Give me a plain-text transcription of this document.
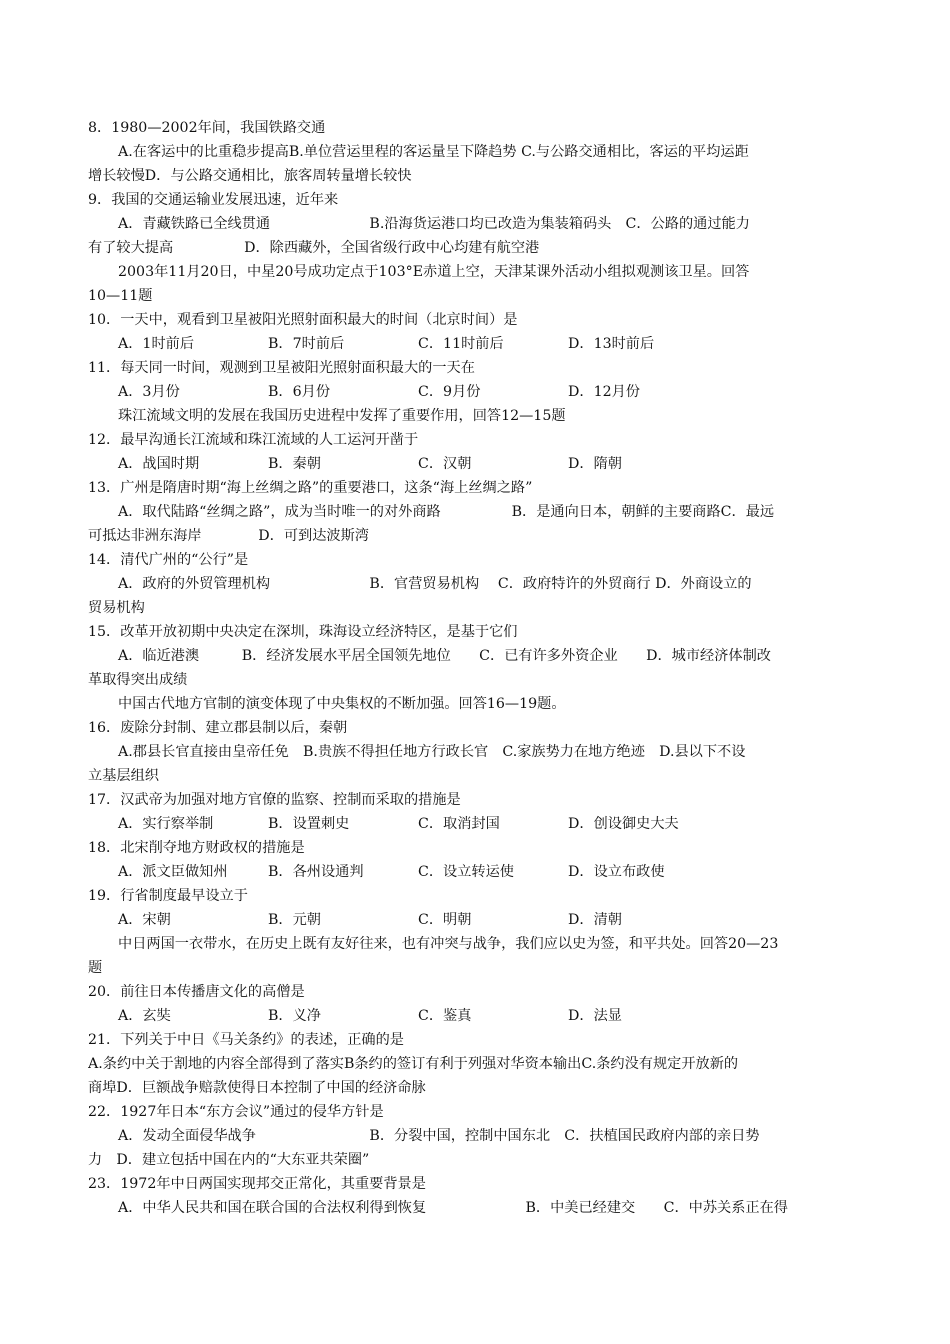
8．1980—2002年间，我国铁路交通
A.在客运中的比重稳步提高B.单位营运里程的客运量呈下降趋势 C.与公路交通相比，客运的平均运距
增长较慢D．与公路交通相比，旅客周转量增长较快
9．我国的交通运输业发展迅速，近年来
A．青藏铁路已全线贯通　　　　　　　B.沿海货运港口均已改造为集装箱码头　C．公路的通过能力
有了较大提高　　　　　D．除西藏外，全国省级行政中心均建有航空港
2003年11月20日，中星20号成功定点于103°E赤道上空，天津某课外活动小组拟观测该卫星。回答
10—11题
10．一天中，观看到卫星被阳光照射面积最大的时间（北京时间）是
A．1时前后	B．7时前后	C．11时前后	D．13时前后
11．每天同一时间，观测到卫星被阳光照射面积最大的一天在
A．3月份	B．6月份	C．9月份	D．12月份
珠江流域文明的发展在我国历史进程中发挥了重要作用，回答12—15题
12．最早沟通长江流域和珠江流域的人工运河开凿于
A．战国时期	B．秦朝	C．汉朝	D．隋朝
13．广州是隋唐时期“海上丝绸之路”的重要港口，这条“海上丝绸之路”
A．取代陆路“丝绸之路”，成为当时唯一的对外商路　　　　　B．是通向日本，朝鲜的主要商路C．最远
可抵达非洲东海岸　　　　D．可到达波斯湾
14．清代广州的“公行”是
A．政府的外贸管理机构　　　　　　　B．官营贸易机构　 C．政府特许的外贸商行 D．外商设立的
贸易机构
15．改革开放初期中央决定在深圳，珠海设立经济特区，是基于它们
A．临近港澳　　　B．经济发展水平居全国领先地位　　C．已有许多外资企业　　D．城市经济体制改
革取得突出成绩
中国古代地方官制的演变体现了中央集权的不断加强。回答16—19题。
16．废除分封制、建立郡县制以后，秦朝
A.郡县长官直接由皇帝任免　B.贵族不得担任地方行政长官　C.家族势力在地方绝迹　D.县以下不设
立基层组织
17．汉武帝为加强对地方官僚的监察、控制而采取的措施是
A．实行察举制	B．设置刺史	C．取消封国	D．创设御史大夫
18．北宋削夺地方财政权的措施是
A．派文臣做知州	B．各州设通判	C．设立转运使	D．设立布政使
19．行省制度最早设立于
A．宋朝	B．元朝	C．明朝	D．清朝
中日两国一衣带水，在历史上既有友好往来，也有冲突与战争，我们应以史为签，和平共处。回答20—23
题
20．前往日本传播唐文化的高僧是
A．玄奘	B．义净	C．鉴真	D．法显
21．下列关于中日《马关条约》的表述，正确的是
A.条约中关于割地的内容全部得到了落实B条约的签订有利于列强对华资本输出C.条约没有规定开放新的
商埠D．巨额战争赔款使得日本控制了中国的经济命脉
22．1927年日本“东方会议”通过的侵华方针是
A．发动全面侵华战争　　　　　　　　B．分裂中国，控制中国东北　C．扶植国民政府内部的亲日势
力　D．建立包括中国在内的“大东亚共荣圈”
23．1972年中日两国实现邦交正常化，其重要背景是
A．中华人民共和国在联合国的合法权利得到恢复　　　　　　　B．中美已经建交　　C．中苏关系正在得
